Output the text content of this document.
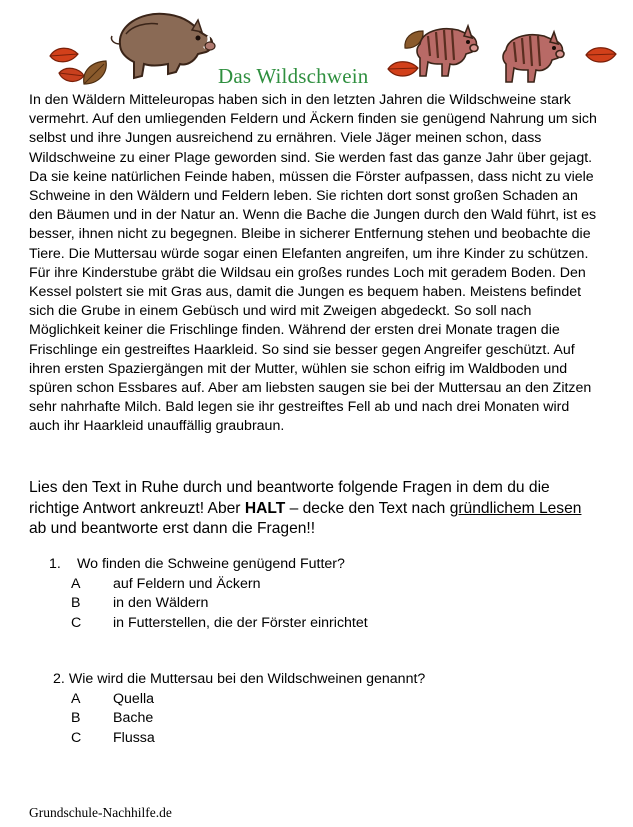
Das Wildschwein

In den Wäldern Mitteleuropas haben sich in den letzten Jahren die Wildschweine stark vermehrt. Auf den umliegenden Feldern und Äckern finden sie genügend Nahrung um sich selbst und ihre Jungen ausreichend zu ernähren. Viele Jäger meinen schon, dass Wildschweine zu einer Plage geworden sind. Sie werden fast das ganze Jahr über gejagt. Da sie keine natürlichen Feinde haben, müssen die Förster aufpassen, dass nicht zu viele Schweine in den Wäldern und Feldern leben. Sie richten dort sonst großen Schaden an den Bäumen und in der Natur an. Wenn die Bache die Jungen durch den Wald führt, ist es besser, ihnen nicht zu begegnen. Bleibe in sicherer Entfernung stehen und beobachte die Tiere. Die Muttersau würde sogar einen Elefanten angreifen, um ihre Kinder zu schützen.

Für ihre Kinderstube gräbt die Wildsau ein großes rundes Loch mit geradem Boden. Den Kessel polstert sie mit Gras aus, damit die Jungen es bequem haben. Meistens befindet sich die Grube in einem Gebüsch und wird mit Zweigen abgedeckt. So soll nach Möglichkeit keiner die Frischlinge finden. Während der ersten drei Monate tragen die Frischlinge ein gestreiftes Haarkleid. So sind sie besser gegen Angreifer geschützt. Auf ihren ersten Spaziergängen mit der Mutter, wühlen sie schon eifrig im Waldboden und spüren schon Essbares auf. Aber am liebsten saugen sie bei der Muttersau an den Zitzen sehr nahrhafte Milch. Bald legen sie ihr gestreiftes Fell ab und nach drei Monaten wird auch ihr Haarkleid unauffällig graubraun.

Lies den Text in Ruhe durch und beantworte folgende Fragen in dem du die richtige Antwort ankreuzt! Aber HALT – decke den Text nach gründlichem Lesen ab und beantworte erst dann die Fragen!!
1.	Wo finden die Schweine genügend Futter?
A	auf Feldern und Äckern
B	in den Wäldern
C	in Futterstellen, die der Förster einrichtet
2. Wie wird die Muttersau bei den Wildschweinen genannt?
A	Quella
B	Bache
C	Flussa
Grundschule-Nachhilfe.de
